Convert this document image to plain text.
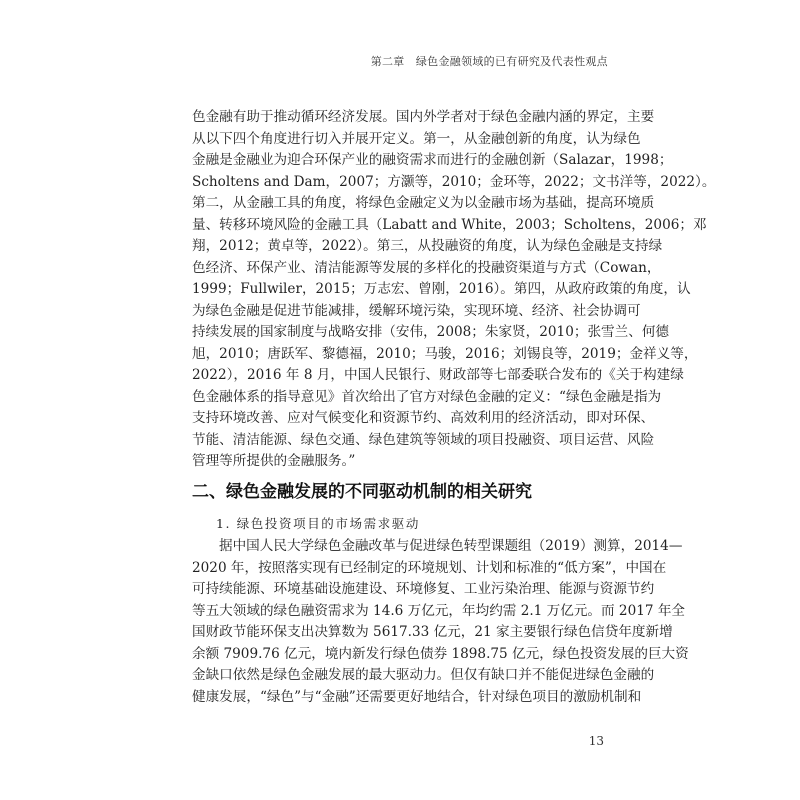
第二章　绿色金融领域的已有研究及代表性观点
色金融有助于推动循环经济发展。国内外学者对于绿色金融内涵的界定，主要
从以下四个角度进行切入并展开定义。第一，从金融创新的角度，认为绿色
金融是金融业为迎合环保产业的融资需求而进行的金融创新（Salazar，1998；
Scholtens and Dam，2007；方灏等，2010；金环等，2022；文书洋等，2022）。
第二，从金融工具的角度，将绿色金融定义为以金融市场为基础，提高环境质
量、转移环境风险的金融工具（Labatt and White，2003；Scholtens，2006；邓
翔，2012；黄卓等，2022）。第三，从投融资的角度，认为绿色金融是支持绿
色经济、环保产业、清洁能源等发展的多样化的投融资渠道与方式（Cowan，
1999；Fullwiler，2015；万志宏、曾刚，2016）。第四，从政府政策的角度，认
为绿色金融是促进节能减排，缓解环境污染，实现环境、经济、社会协调可
持续发展的国家制度与战略安排（安伟，2008；朱家贤，2010；张雪兰、何德
旭，2010；唐跃军、黎德福，2010；马骏，2016；刘锡良等，2019；金祥义等，
2022），2016 年 8 月，中国人民银行、财政部等七部委联合发布的《关于构建绿
色金融体系的指导意见》首次给出了官方对绿色金融的定义：“绿色金融是指为
支持环境改善、应对气候变化和资源节约、高效利用的经济活动，即对环保、
节能、清洁能源、绿色交通、绿色建筑等领域的项目投融资、项目运营、风险
管理等所提供的金融服务。”
二、绿色金融发展的不同驱动机制的相关研究
1. 绿色投资项目的市场需求驱动
据中国人民大学绿色金融改革与促进绿色转型课题组（2019）测算，2014—
2020 年，按照落实现有已经制定的环境规划、计划和标准的“低方案”，中国在
可持续能源、环境基础设施建设、环境修复、工业污染治理、能源与资源节约
等五大领域的绿色融资需求为 14.6 万亿元，年均约需 2.1 万亿元。而 2017 年全
国财政节能环保支出决算数为 5617.33 亿元，21 家主要银行绿色信贷年度新增
余额 7909.76 亿元，境内新发行绿色债券 1898.75 亿元，绿色投资发展的巨大资
金缺口依然是绿色金融发展的最大驱动力。但仅有缺口并不能促进绿色金融的
健康发展，“绿色”与“金融”还需要更好地结合，针对绿色项目的激励机制和
13
